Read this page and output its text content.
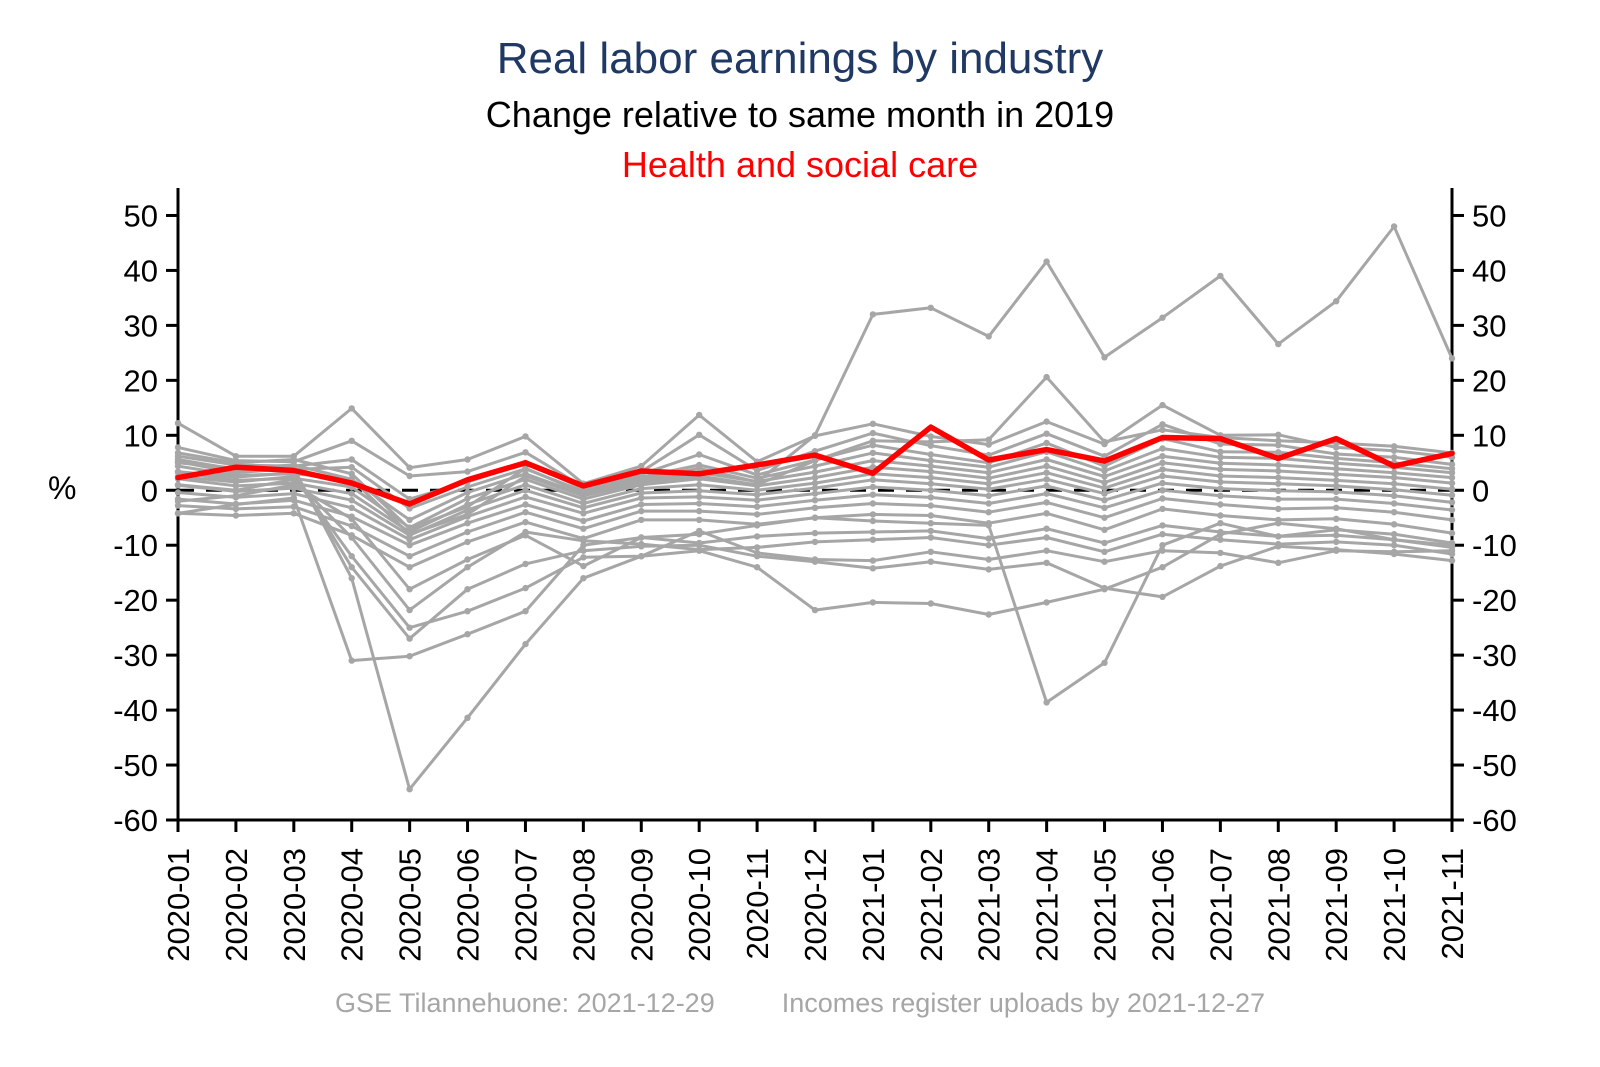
Real labor earnings by industry
Change relative to same month in 2019
Health and social care
%
-60	-60
-50	-50
-40	-40
-30	-30
-20	-20
-10	-10
0	0
10	10
20	20
30	30
40	40
50	50
2020-01 2020-02 2020-03 2020-04 2020-05 2020-06 2020-07 2020-08 2020-09 2020-10 2020-11 2020-12 2021-01 2021-02 2021-03 2021-04 2021-05 2021-06 2021-07 2021-08 2021-09 2021-10 2021-11
GSE Tilannehuone: 2021-12-29 Incomes register uploads by 2021-12-27
